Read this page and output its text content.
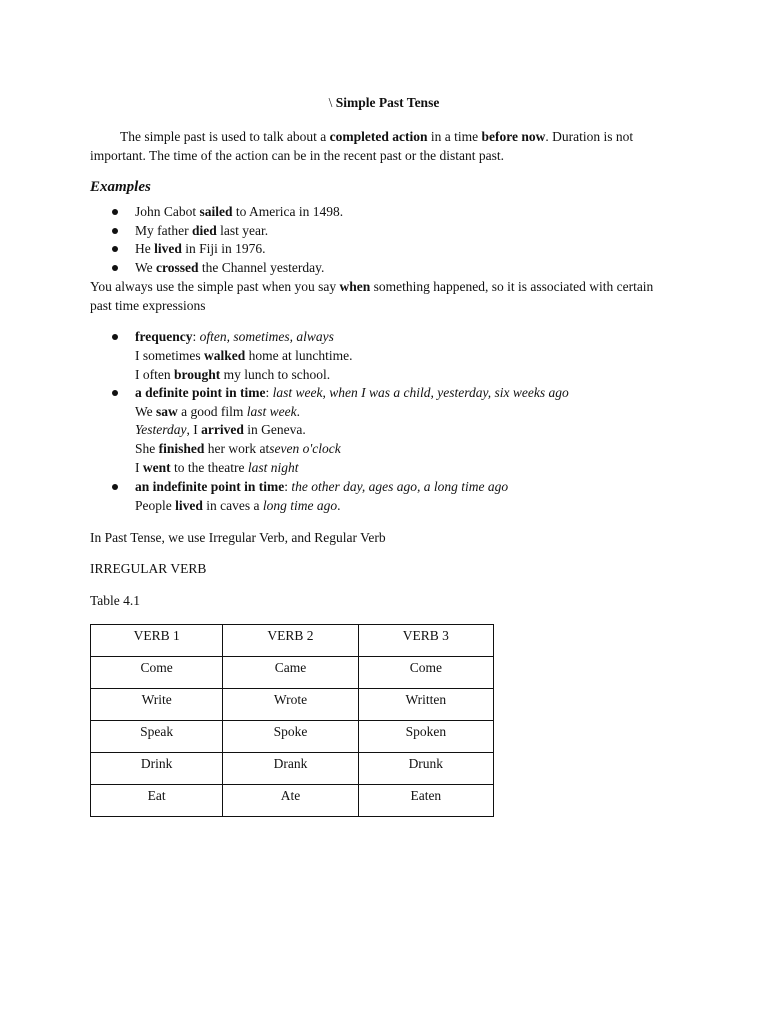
\ Simple Past Tense
The simple past is used to talk about a completed action in a time before now. Duration is not
important. The time of the action can be in the recent past or the distant past.
Examples
John Cabot sailed to America in 1498.
My father died last year.
He lived in Fiji in 1976.
We crossed the Channel yesterday.
You always use the simple past when you say when something happened, so it is associated with certain
past time expressions
frequency: often, sometimes, always
I sometimes walked home at lunchtime.
I often brought my lunch to school.
a definite point in time: last week, when I was a child, yesterday, six weeks ago
We saw a good film last week.
Yesterday, I arrived in Geneva.
She finished her work atseven o'clock
I went to the theatre last night
an indefinite point in time: the other day, ages ago, a long time ago
People lived in caves a long time ago.
In Past Tense, we use Irregular Verb, and Regular Verb
IRREGULAR VERB
Table 4.1
VERB 1	VERB 2	VERB 3
Come	Came	Come
Write	Wrote	Written
Speak	Spoke	Spoken
Drink	Drank	Drunk
Eat	Ate	Eaten
